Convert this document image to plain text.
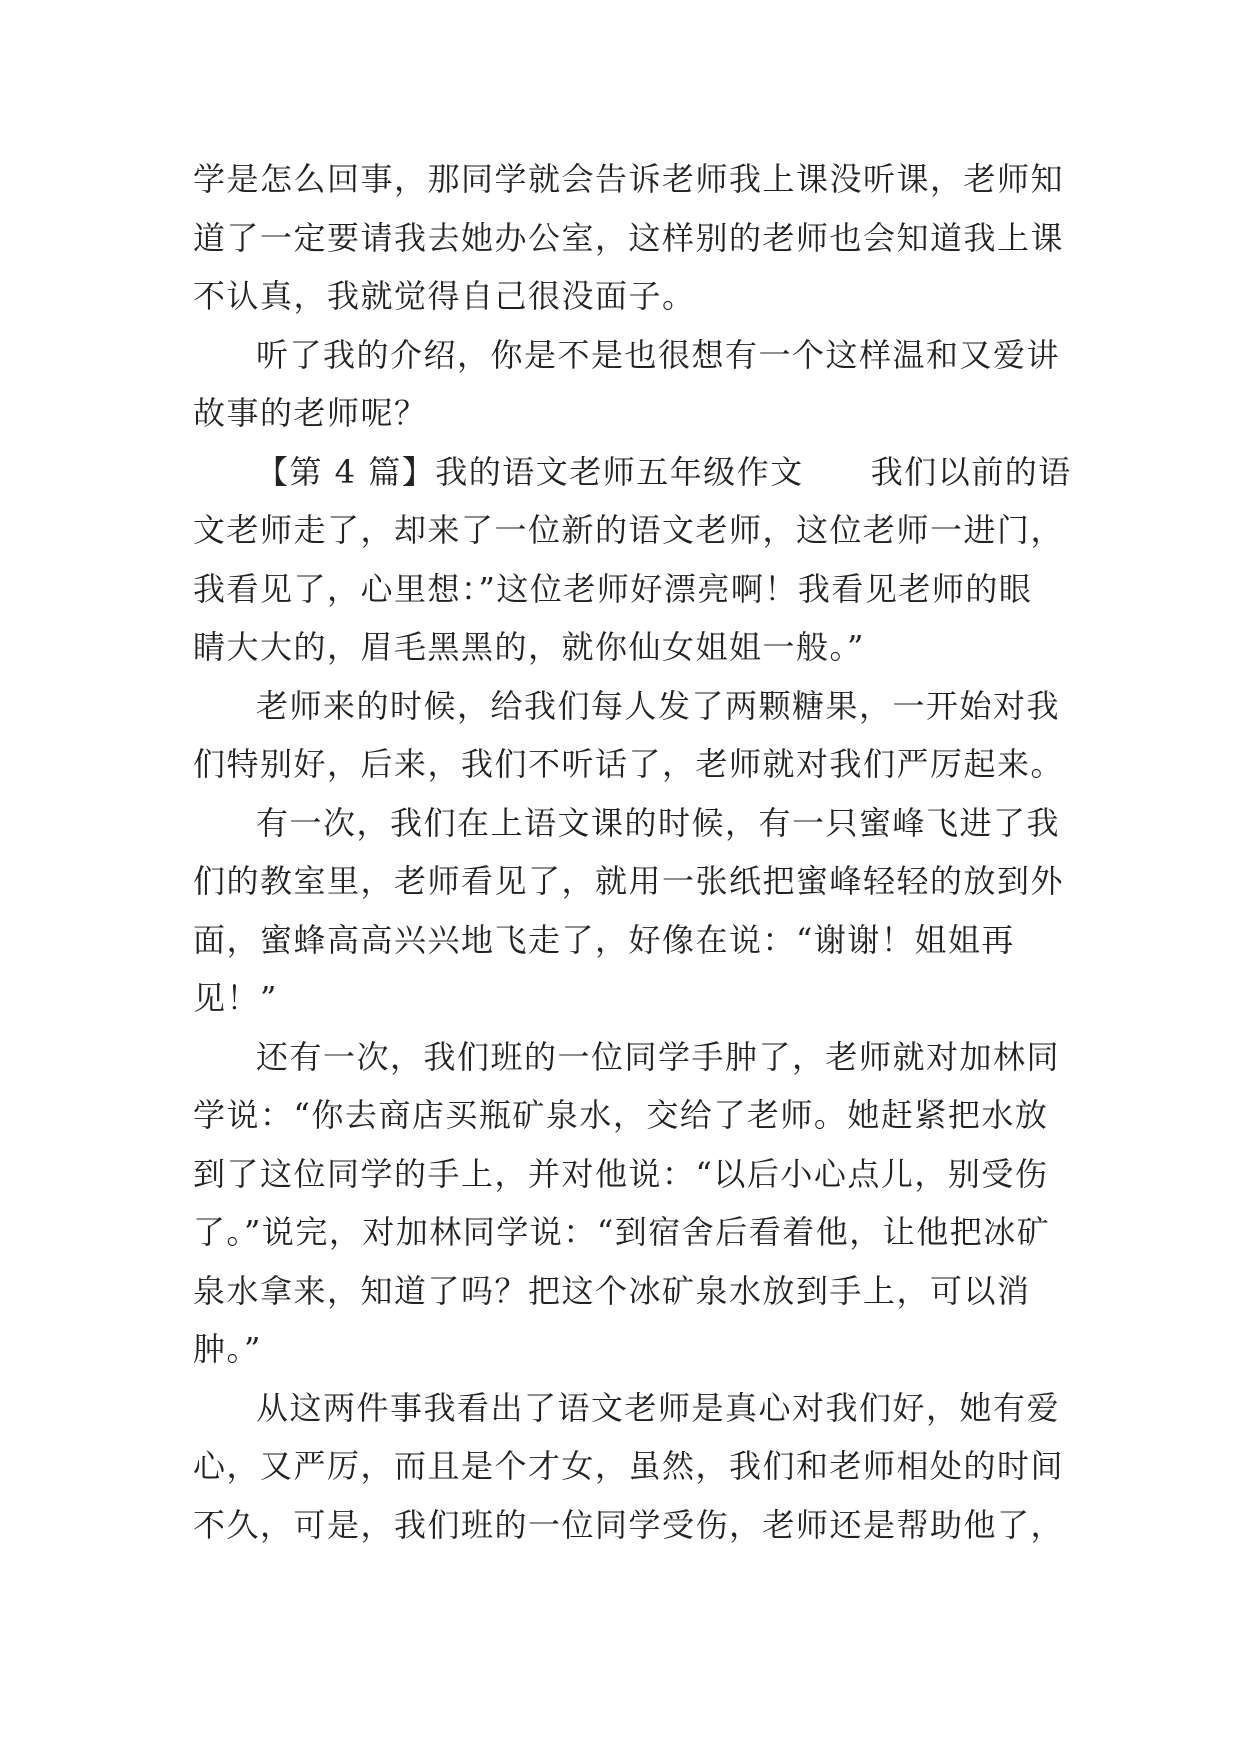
学是怎么回事，那同学就会告诉老师我上课没听课，老师知
道了一定要请我去她办公室，这样别的老师也会知道我上课
不认真，我就觉得自己很没面子。
听了我的介绍，你是不是也很想有一个这样温和又爱讲
故事的老师呢？
【第 4 篇】我的语文老师五年级作文　　我们以前的语
文老师走了，却来了一位新的语文老师，这位老师一进门，
我看见了，心里想：”这位老师好漂亮啊！我看见老师的眼
睛大大的，眉毛黑黑的，就你仙女姐姐一般。”
老师来的时候，给我们每人发了两颗糖果，一开始对我
们特别好，后来，我们不听话了，老师就对我们严厉起来。
有一次，我们在上语文课的时候，有一只蜜峰飞进了我
们的教室里，老师看见了，就用一张纸把蜜峰轻轻的放到外
面，蜜蜂高高兴兴地飞走了，好像在说：“谢谢！姐姐再
见！”
还有一次，我们班的一位同学手肿了，老师就对加林同
学说：“你去商店买瓶矿泉水，交给了老师。她赶紧把水放
到了这位同学的手上，并对他说：“以后小心点儿，别受伤
了。”说完，对加林同学说：“到宿舍后看着他，让他把冰矿
泉水拿来，知道了吗？把这个冰矿泉水放到手上，可以消
肿。”
从这两件事我看出了语文老师是真心对我们好，她有爱
心，又严厉，而且是个才女，虽然，我们和老师相处的时间
不久，可是，我们班的一位同学受伤，老师还是帮助他了，
